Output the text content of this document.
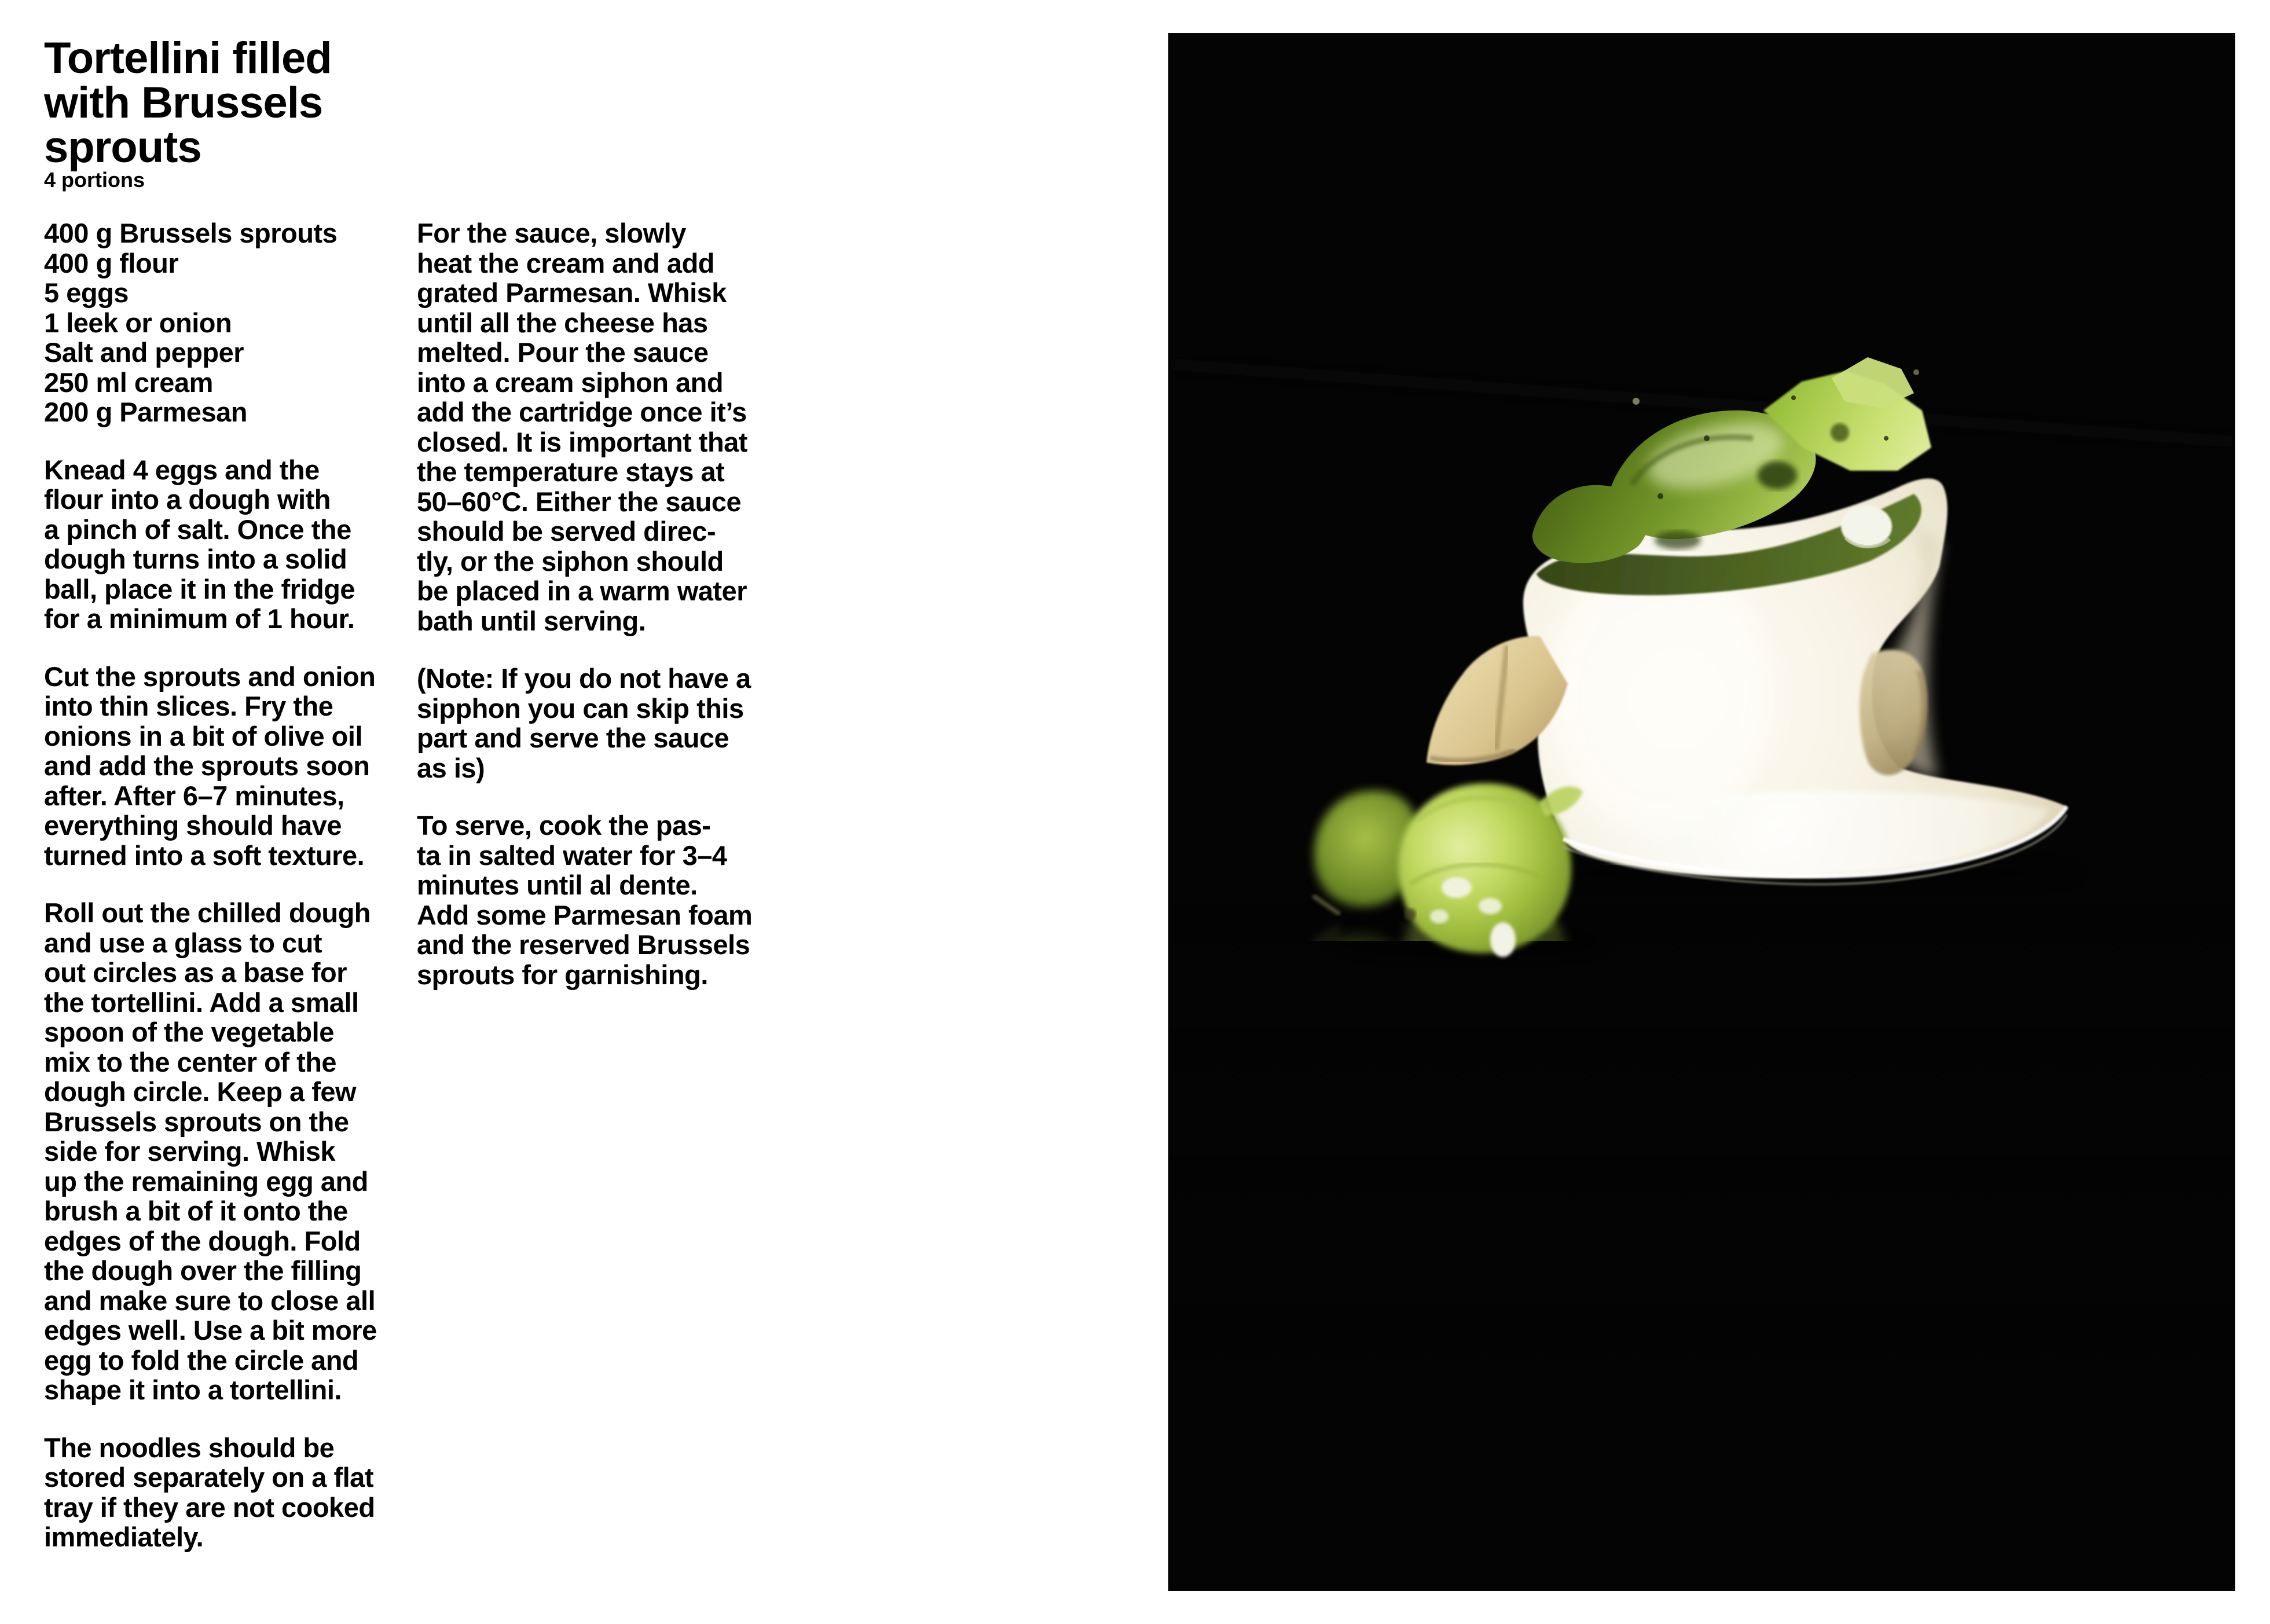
Tortellini filled
with Brussels
sprouts
4 portions
400 g Brussels sprouts
400 g flour
5 eggs
1 leek or onion
Salt and pepper
250 ml cream
200 g Parmesan
Knead 4 eggs and the
flour into a dough with
a pinch of salt. Once the
dough turns into a solid
ball, place it in the fridge
for a minimum of 1 hour.
Cut the sprouts and onion
into thin slices. Fry the
onions in a bit of olive oil
and add the sprouts soon
after. After 6–7 minutes,
everything should have
turned into a soft texture.
Roll out the chilled dough
and use a glass to cut
out circles as a base for
the tortellini. Add a small
spoon of the vegetable
mix to the center of the
dough circle. Keep a few
Brussels sprouts on the
side for serving. Whisk
up the remaining egg and
brush a bit of it onto the
edges of the dough. Fold
the dough over the filling
and make sure to close all
edges well. Use a bit more
egg to fold the circle and
shape it into a tortellini.
The noodles should be
stored separately on a flat
tray if they are not cooked
immediately.
For the sauce, slowly
heat the cream and add
grated Parmesan. Whisk
until all the cheese has
melted. Pour the sauce
into a cream siphon and
add the cartridge once it’s
closed. It is important that
the temperature stays at
50–60°C. Either the sauce
should be served direc-
tly, or the siphon should
be placed in a warm water
bath until serving.
(Note: If you do not have a
sipphon you can skip this
part and serve the sauce
as is)
To serve, cook the pas-
ta in salted water for 3–4
minutes until al dente.
Add some Parmesan foam
and the reserved Brussels
sprouts for garnishing.
